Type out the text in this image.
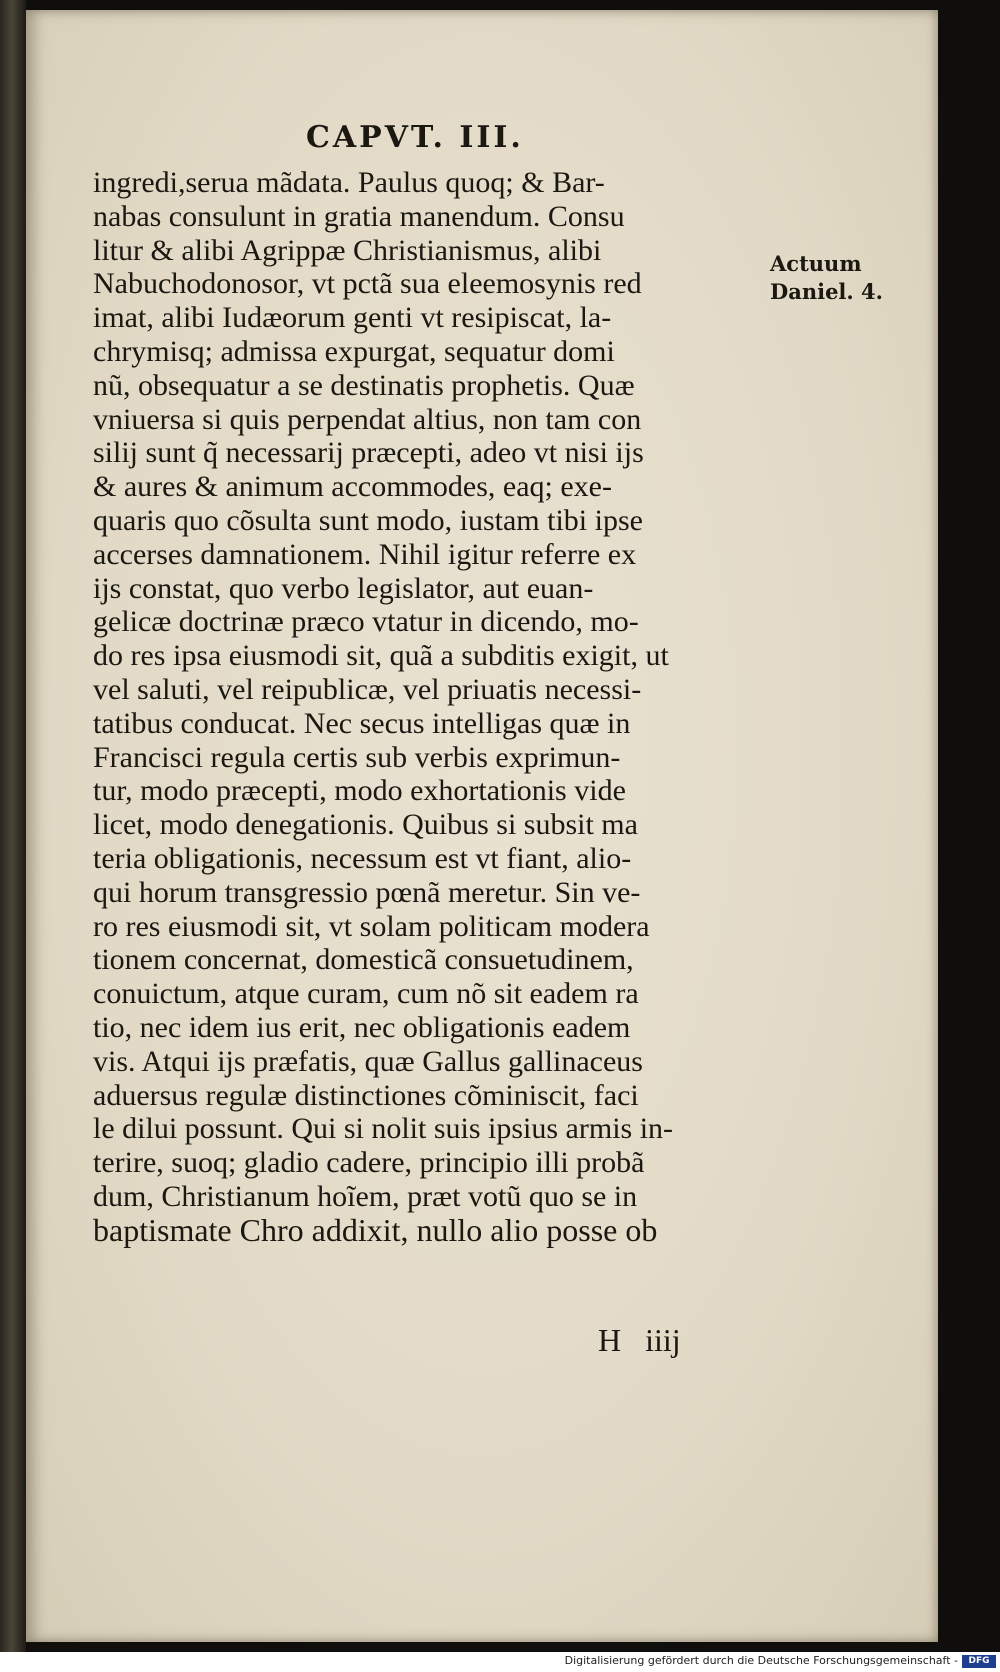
CAPVT. III.
ingredi,serua mãdata. Paulus quoq; & Bar-
nabas consulunt in gratia manendum. Consu
litur & alibi Agrippæ Christianismus, alibi
Nabuchodonosor, vt pctã sua eleemosynis red
imat, alibi Iudæorum genti vt resipiscat, la-
chrymisq; admissa expurgat, sequatur domi
nũ, obsequatur a se destinatis prophetis. Quæ
vniuersa si quis perpendat altius, non tam con
silij sunt q̃ necessarij præcepti, adeo vt nisi ijs
& aures & animum accommodes, eaq; exe-
quaris quo cõsulta sunt modo, iustam tibi ipse
accerses damnationem. Nihil igitur referre ex
ijs constat, quo verbo legislator, aut euan-
gelicæ doctrinæ præco vtatur in dicendo, mo-
do res ipsa eiusmodi sit, quã a subditis exigit, ut
vel saluti, vel reipublicæ, vel priuatis necessi-
tatibus conducat. Nec secus intelligas quæ in
Francisci regula certis sub verbis exprimun-
tur, modo præcepti, modo exhortationis vide
licet, modo denegationis. Quibus si subsit ma
teria obligationis, necessum est vt fiant, alio-
qui horum transgressio pœnã meretur. Sin ve-
ro res eiusmodi sit, vt solam politicam modera
tionem concernat, domesticã consuetudinem,
conuictum, atque curam, cum nõ sit eadem ra
tio, nec idem ius erit, nec obligationis eadem
vis. Atqui ijs præfatis, quæ Gallus gallinaceus
aduersus regulæ distinctiones cõminiscit, faci
le dilui possunt. Qui si nolit suis ipsius armis in-
terire, suoq; gladio cadere, principio illi probã
dum, Christianum hoĩem, præt votũ quo se in
baptismate Chro addixit, nullo alio posse ob

H   iiij

Actuum
Daniel. 4.
Digitalisierung gefördert durch die Deutsche Forschungsgemeinschaft -	DFG
